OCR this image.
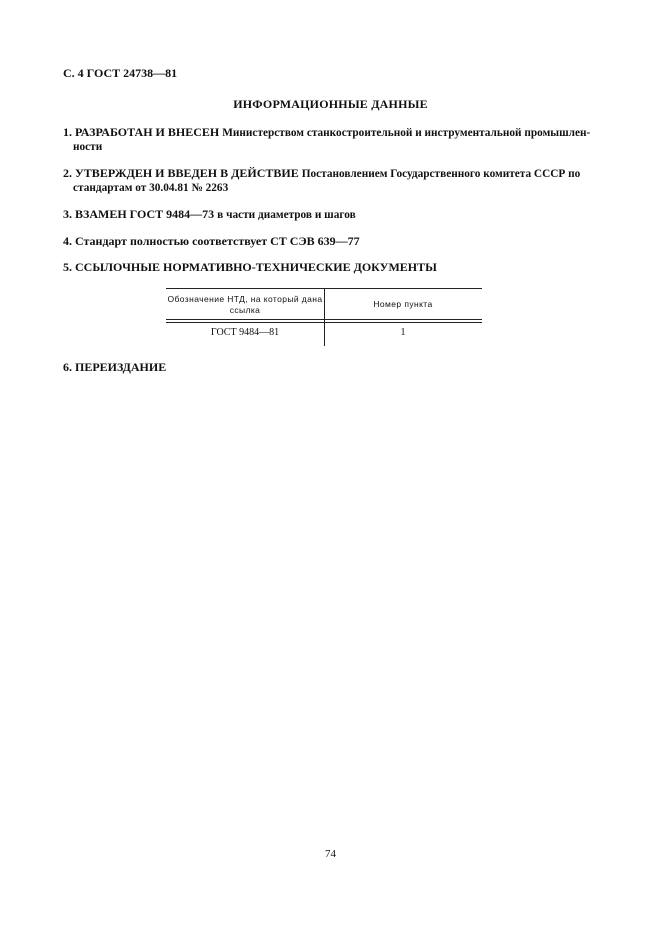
С. 4 ГОСТ 24738—81
ИНФОРМАЦИОННЫЕ ДАННЫЕ
1. РАЗРАБОТАН И ВНЕСЕН Министерством станкостроительной и инструментальной промышлен-
ности
2. УТВЕРЖДЕН И ВВЕДЕН В ДЕЙСТВИЕ Постановлением Государственного комитета СССР по
стандартам от 30.04.81 № 2263
3. ВЗАМЕН ГОСТ 9484—73 в части диаметров и шагов
4. Стандарт полностью соответствует СТ СЭВ 639—77
5. ССЫЛОЧНЫЕ НОРМАТИВНО-ТЕХНИЧЕСКИЕ ДОКУМЕНТЫ
6. ПЕРЕИЗДАНИЕ
Обозначение НТД, на который дана ссылка
Номер пункта
ГОСТ 9484—81	1
74
